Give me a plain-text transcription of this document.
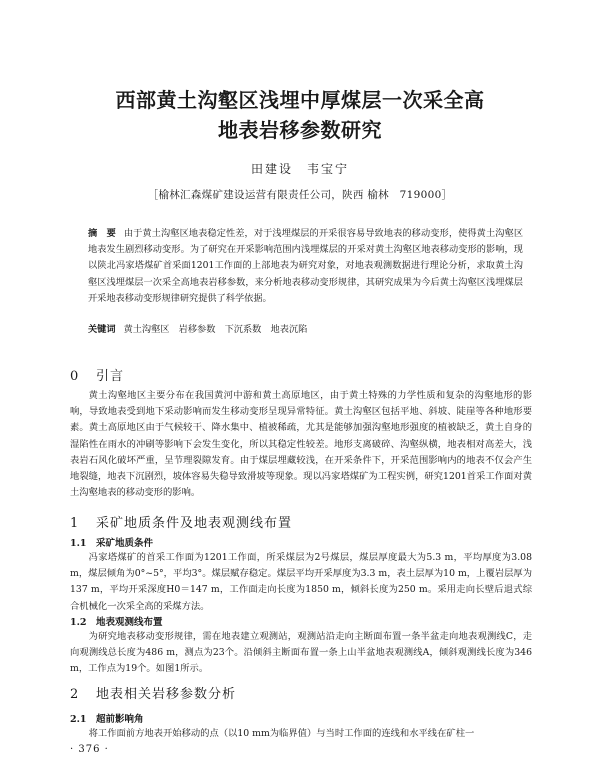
西部黄土沟壑区浅埋中厚煤层一次采全高
地表岩移参数研究
田建设　韦宝宁
［榆林汇森煤矿建设运营有限责任公司，陕西 榆林　719000］
摘　要 由于黄土沟壑区地表稳定性差，对于浅埋煤层的开采很容易导致地表的移动变形，使得黄土沟壑区地表发生剧烈移动变形。为了研究在开采影响范围内浅埋煤层的开采对黄土沟壑区地表移动变形的影响，现以陕北冯家塔煤矿首采面1201工作面的上部地表为研究对象，对地表观测数据进行理论分析，求取黄土沟壑区浅埋煤层一次采全高地表岩移参数，来分析地表移动变形规律，其研究成果为今后黄土沟壑区浅埋煤层开采地表移动变形规律研究提供了科学依据。
关键词 黄土沟壑区　岩移参数　下沉系数　地表沉陷
0 引言
黄土沟壑地区主要分布在我国黄河中游和黄土高原地区，由于黄土特殊的力学性质和复杂的沟壑地形的影响，导致地表受到地下采动影响而发生移动变形呈现异常特征。黄土沟壑区包括平地、斜坡、陡崖等各种地形要素。黄土高原地区由于气候较干、降水集中、植被稀疏，尤其是能够加强沟壑地形强度的植被缺乏，黄土自身的湿陷性在雨水的冲刷等影响下会发生变化，所以其稳定性较差。地形支离破碎、沟壑纵横，地表相对高差大，浅表岩石风化破坏严重，呈节理裂隙发育。由于煤层埋藏较浅，在开采条件下，开采范围影响内的地表不仅会产生地裂缝，地表下沉剧烈，坡体容易失稳导致滑坡等现象。现以冯家塔煤矿为工程实例，研究1201首采工作面对黄土沟壑地表的移动变形的影响。
1 采矿地质条件及地表观测线布置
1.1 采矿地质条件
冯家塔煤矿的首采工作面为1201工作面，所采煤层为2号煤层，煤层厚度最大为5.3 m，平均厚度为3.08 m，煤层倾角为0°~5°，平均3°。煤层赋存稳定。煤层平均开采厚度为3.3 m，表土层厚为10 m，上覆岩层厚为137 m，平均开采深度H0＝147 m，工作面走向长度为1850 m，倾斜长度为250 m。采用走向长壁后退式综合机械化一次采全高的采煤方法。
1.2 地表观测线布置
为研究地表移动变形规律，需在地表建立观测站，观测站沿走向主断面布置一条半盆走向地表观测线C，走向观测线总长度为486 m，测点为23个。沿倾斜主断面布置一条上山半盆地表观测线A，倾斜观测线长度为346 m，工作点为19个。如图1所示。
2 地表相关岩移参数分析
2.1 超前影响角
将工作面前方地表开始移动的点（以10 mm为临界值）与当时工作面的连线和水平线在矿柱一
· 376 ·
